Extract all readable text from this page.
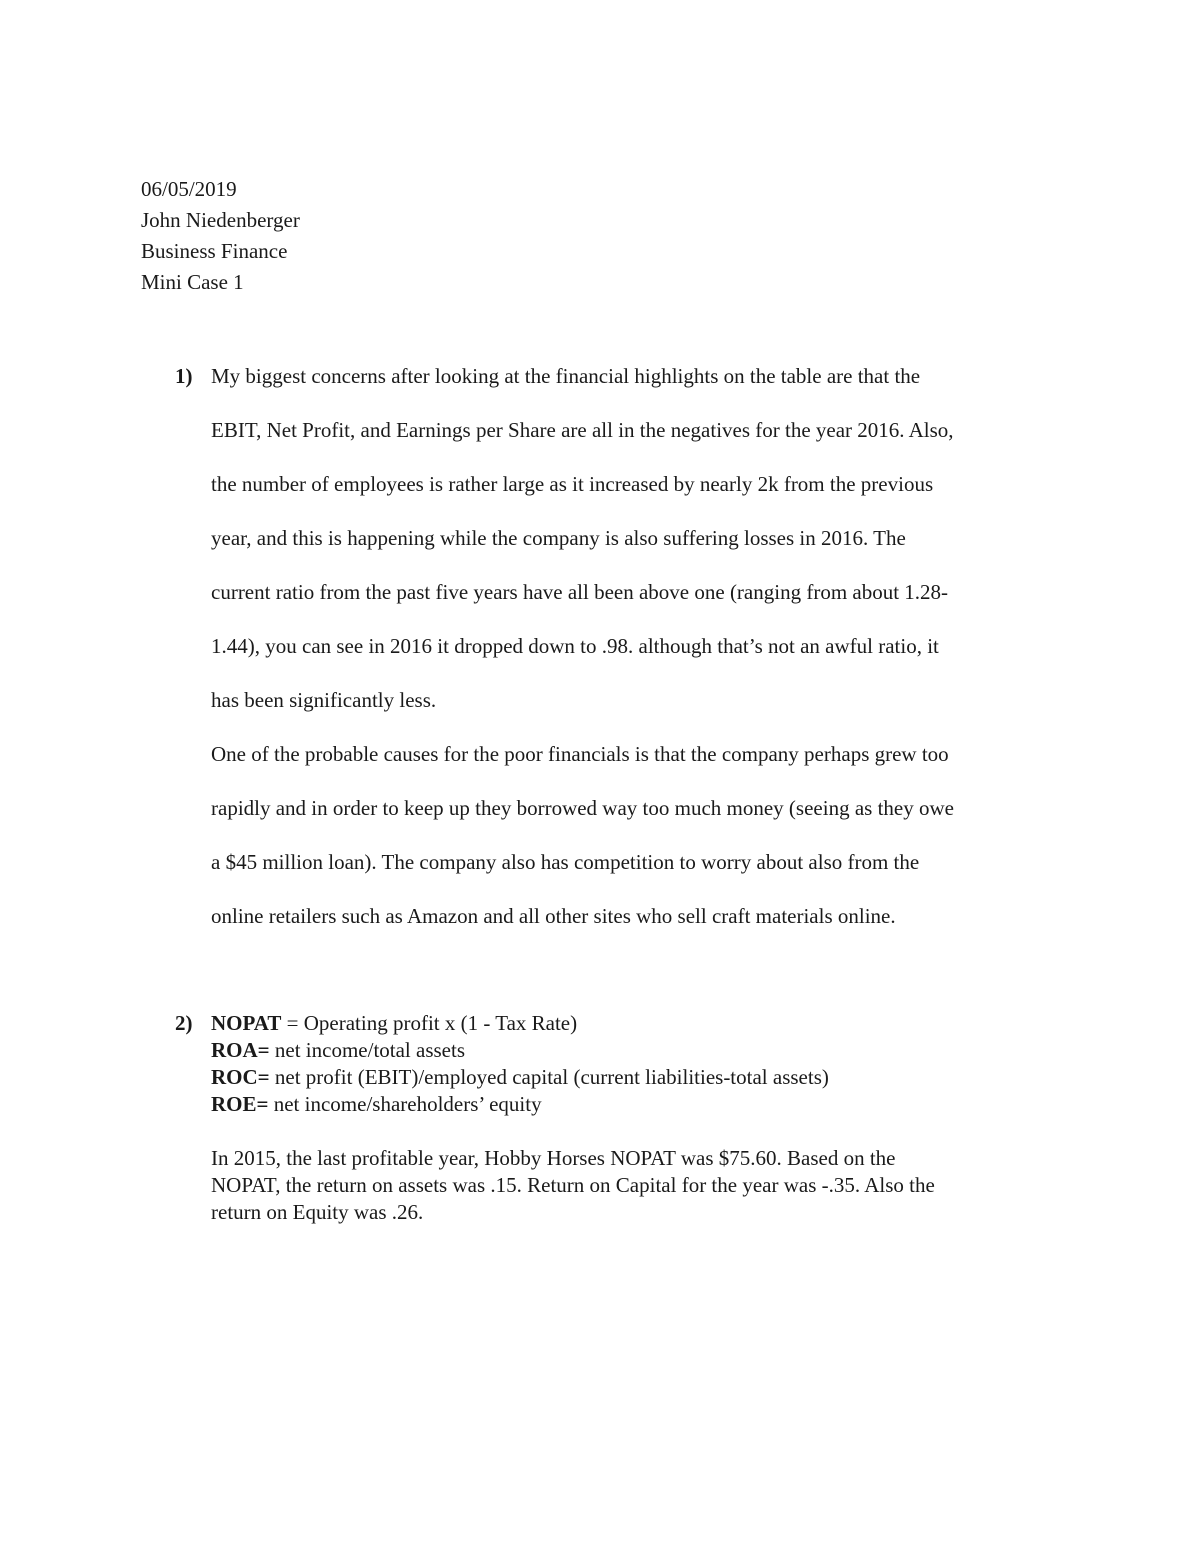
06/05/2019
John Niedenberger
Business Finance
Mini Case 1
1) My biggest concerns after looking at the financial highlights on the table are that the
EBIT, Net Profit, and Earnings per Share are all in the negatives for the year 2016. Also,
the number of employees is rather large as it increased by nearly 2k from the previous
year, and this is happening while the company is also suffering losses in 2016. The
current ratio from the past five years have all been above one (ranging from about 1.28-
1.44), you can see in 2016 it dropped down to .98. although that’s not an awful ratio, it
has been significantly less.
One of the probable causes for the poor financials is that the company perhaps grew too
rapidly and in order to keep up they borrowed way too much money (seeing as they owe
a $45 million loan). The company also has competition to worry about also from the
online retailers such as Amazon and all other sites who sell craft materials online.

2) NOPAT = Operating profit x (1 - Tax Rate)
ROA= net income/total assets
ROC= net profit (EBIT)/employed capital (current liabilities-total assets)
ROE= net income/shareholders’ equity
In 2015, the last profitable year, Hobby Horses NOPAT was $75.60. Based on the
NOPAT, the return on assets was .15. Return on Capital for the year was -.35. Also the
return on Equity was .26.
